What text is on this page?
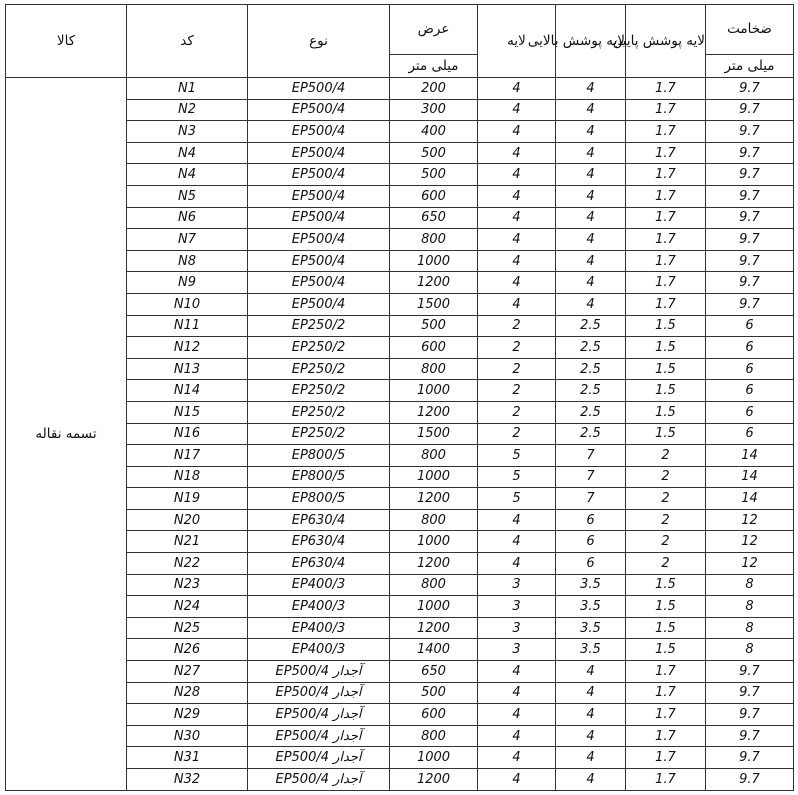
کالا	کد	نوع	عرض	لایه	لایه پوشش بالایی	لایه پوشش پایین	ضخامت
			میلی متر				میلی متر
تسمه نقاله	N1	EP500/4	200	4	4	1.7	9.7
	N2	EP500/4	300	4	4	1.7	9.7
	N3	EP500/4	400	4	4	1.7	9.7
	N4	EP500/4	500	4	4	1.7	9.7
	N4	EP500/4	500	4	4	1.7	9.7
	N5	EP500/4	600	4	4	1.7	9.7
	N6	EP500/4	650	4	4	1.7	9.7
	N7	EP500/4	800	4	4	1.7	9.7
	N8	EP500/4	1000	4	4	1.7	9.7
	N9	EP500/4	1200	4	4	1.7	9.7
	N10	EP500/4	1500	4	4	1.7	9.7
	N11	EP250/2	500	2	2.5	1.5	6
	N12	EP250/2	600	2	2.5	1.5	6
	N13	EP250/2	800	2	2.5	1.5	6
	N14	EP250/2	1000	2	2.5	1.5	6
	N15	EP250/2	1200	2	2.5	1.5	6
	N16	EP250/2	1500	2	2.5	1.5	6
	N17	EP800/5	800	5	7	2	14
	N18	EP800/5	1000	5	7	2	14
	N19	EP800/5	1200	5	7	2	14
	N20	EP630/4	800	4	6	2	12
	N21	EP630/4	1000	4	6	2	12
	N22	EP630/4	1200	4	6	2	12
	N23	EP400/3	800	3	3.5	1.5	8
	N24	EP400/3	1000	3	3.5	1.5	8
	N25	EP400/3	1200	3	3.5	1.5	8
	N26	EP400/3	1400	3	3.5	1.5	8
	N27	EP500/4 آجدار	650	4	4	1.7	9.7
	N28	EP500/4 آجدار	500	4	4	1.7	9.7
	N29	EP500/4 آجدار	600	4	4	1.7	9.7
	N30	EP500/4 آجدار	800	4	4	1.7	9.7
	N31	EP500/4 آجدار	1000	4	4	1.7	9.7
	N32	EP500/4 آجدار	1200	4	4	1.7	9.7
